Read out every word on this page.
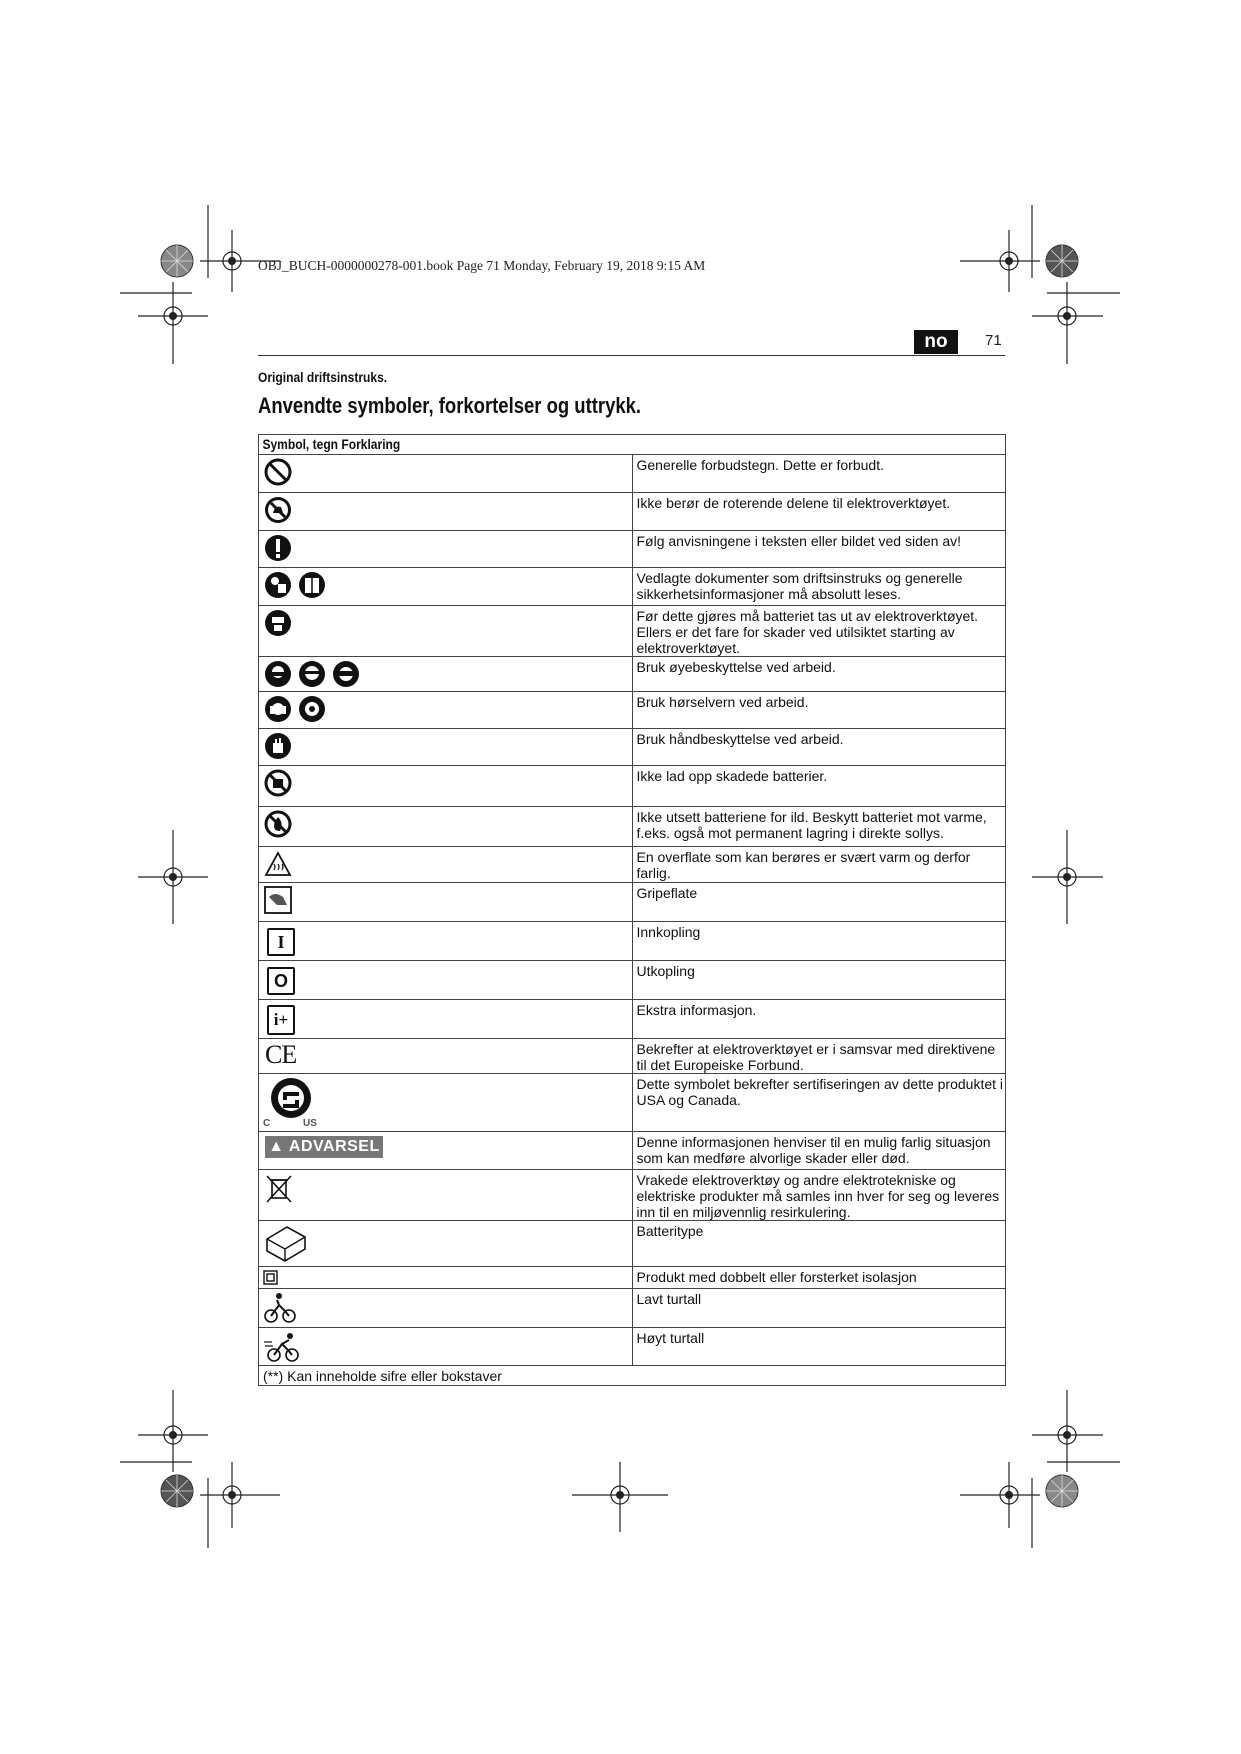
OBJ_BUCH-0000000278-001.book Page 71 Monday, February 19, 2018 9:15 AM
no	71
Original driftsinstruks.
Anvendte symboler, forkortelser og uttrykk.
Symbol, tegn Forklaring	

	Generelle forbudstegn. Dette er forbudt.

	Ikke berør de roterende delene til elektroverktøyet.

	Følg anvisningene i teksten eller bildet ved siden av!

	Vedlagte dokumenter som driftsinstruks og generelle sikkerhetsinformasjoner må absolutt leses.

	Før dette gjøres må batteriet tas ut av elektroverktøyet. Ellers er det fare for skader ved utilsiktet starting av elektroverktøyet.

	Bruk øyebeskyttelse ved arbeid.

	Bruk hørselvern ved arbeid.

	Bruk håndbeskyttelse ved arbeid.

	Ikke lad opp skadede batterier.

	Ikke utsett batteriene for ild. Beskytt batteriet mot varme, f.eks. også mot permanent lagring i direkte sollys.

	En overflate som kan berøres er svært varm og derfor farlig.

	Gripeflate

I	Innkopling

O	Utkopling

i+	Ekstra informasjon.

CE	Bekrefter at elektroverktøyet er i samsvar med direktivene til det Europeiske Forbund.

C US	Dette symbolet bekrefter sertifiseringen av dette produktet i USA og Canada.

▲ ADVARSEL	Denne informasjonen henviser til en mulig farlig situasjon som kan medføre alvorlige skader eller død.

	Vrakede elektroverktøy og andre elektrotekniske og elektriske produkter må samles inn hver for seg og leveres inn til en miljøvennlig resirkulering.

	Batteritype

	Produkt med dobbelt eller forsterket isolasjon

	Lavt turtall

	Høyt turtall

(**) Kan inneholde sifre eller bokstaver	
